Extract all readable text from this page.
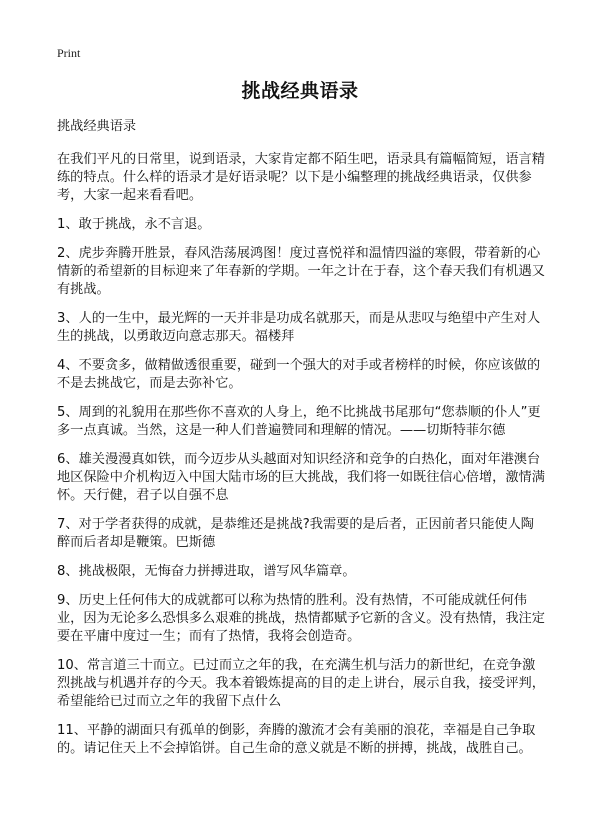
Print
挑战经典语录

挑战经典语录

在我们平凡的日常里，说到语录，大家肯定都不陌生吧，语录具有篇幅简短，语言精练的特点。什么样的语录才是好语录呢？以下是小编整理的挑战经典语录，仅供参考，大家一起来看看吧。

1、敢于挑战，永不言退。

2、虎步奔腾开胜景，春风浩荡展鸿图！度过喜悦祥和温情四溢的寒假，带着新的心情新的希望新的目标迎来了年春新的学期。一年之计在于春，这个春天我们有机遇又有挑战。

3、人的一生中，最光辉的一天并非是功成名就那天，而是从悲叹与绝望中产生对人生的挑战，以勇敢迈向意志那天。福楼拜

4、不要贪多，做精做透很重要，碰到一个强大的对手或者榜样的时候，你应该做的不是去挑战它，而是去弥补它。

5、周到的礼貌用在那些你不喜欢的人身上，绝不比挑战书尾那句“您恭顺的仆人”更多一点真诚。当然，这是一种人们普遍赞同和理解的情况。——切斯特菲尔德

6、雄关漫漫真如铁，而今迈步从头越面对知识经济和竞争的白热化，面对年港澳台地区保险中介机构迈入中国大陆市场的巨大挑战，我们将一如既往信心倍增，激情满怀。天行健，君子以自强不息

7、对于学者获得的成就，是恭维还是挑战?我需要的是后者，正因前者只能使人陶醉而后者却是鞭策。巴斯德

8、挑战极限，无悔奋力拼搏进取，谱写风华篇章。

9、历史上任何伟大的成就都可以称为热情的胜利。没有热情，不可能成就任何伟业，因为无论多么恐惧多么艰难的挑战，热情都赋予它新的含义。没有热情，我注定要在平庸中度过一生；而有了热情，我将会创造奇。

10、常言道三十而立。已过而立之年的我，在充满生机与活力的新世纪，在竞争激烈挑战与机遇并存的今天。我本着锻炼提高的目的走上讲台，展示自我，接受评判，希望能给已过而立之年的我留下点什么

11、平静的湖面只有孤单的倒影，奔腾的激流才会有美丽的浪花，幸福是自己争取的。请记住天上不会掉馅饼。自己生命的意义就是不断的拼搏，挑战，战胜自己。
